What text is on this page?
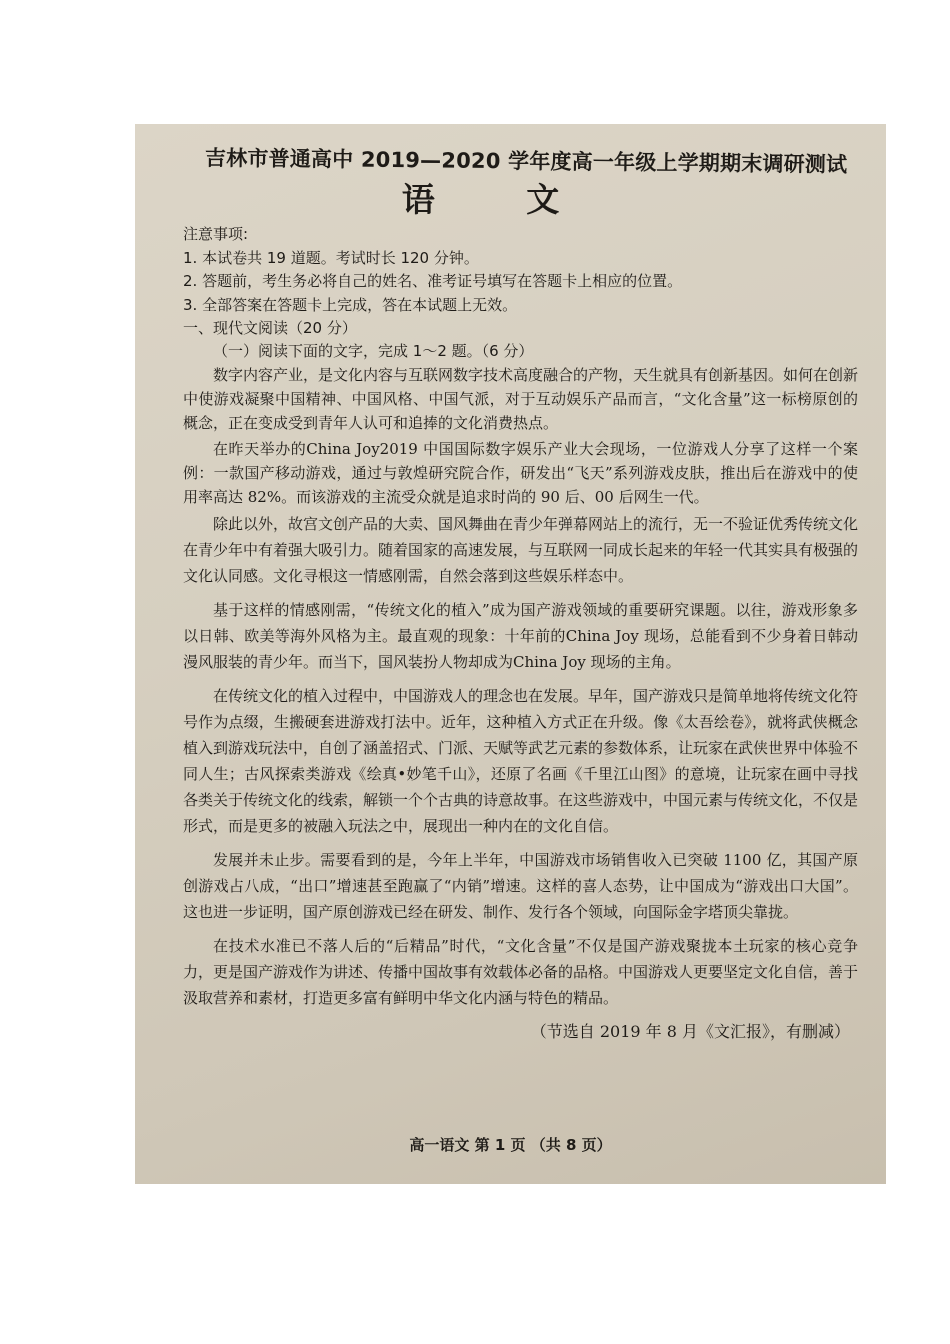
吉林市普通高中 2019—2020 学年度高一年级上学期期末调研测试
语 文
注意事项:
1. 本试卷共 19 道题。考试时长 120 分钟。
2. 答题前，考生务必将自己的姓名、准考证号填写在答题卡上相应的位置。
3. 全部答案在答题卡上完成，答在本试题上无效。
一、现代文阅读（20 分）
（一）阅读下面的文字，完成 1～2 题。（6 分）

数字内容产业，是文化内容与互联网数字技术高度融合的产物，天生就具有创新基因。如何在创新中使游戏凝聚中国精神、中国风格、中国气派，对于互动娱乐产品而言，“文化含量”这一标榜原创的概念，正在变成受到青年人认可和追捧的文化消费热点。

在昨天举办的China Joy2019 中国国际数字娱乐产业大会现场，一位游戏人分享了这样一个案例：一款国产移动游戏，通过与敦煌研究院合作，研发出“飞天”系列游戏皮肤，推出后在游戏中的使用率高达 82%。而该游戏的主流受众就是追求时尚的 90 后、00 后网生一代。

除此以外，故宫文创产品的大卖、国风舞曲在青少年弹幕网站上的流行，无一不验证优秀传统文化在青少年中有着强大吸引力。随着国家的高速发展，与互联网一同成长起来的年轻一代其实具有极强的文化认同感。文化寻根这一情感刚需，自然会落到这些娱乐样态中。

基于这样的情感刚需，“传统文化的植入”成为国产游戏领域的重要研究课题。以往，游戏形象多以日韩、欧美等海外风格为主。最直观的现象：十年前的China Joy 现场，总能看到不少身着日韩动漫风服装的青少年。而当下，国风装扮人物却成为China Joy 现场的主角。

在传统文化的植入过程中，中国游戏人的理念也在发展。早年，国产游戏只是简单地将传统文化符号作为点缀，生搬硬套进游戏打法中。近年，这种植入方式正在升级。像《太吾绘卷》，就将武侠概念植入到游戏玩法中，自创了涵盖招式、门派、天赋等武艺元素的参数体系，让玩家在武侠世界中体验不同人生；古风探索类游戏《绘真•妙笔千山》，还原了名画《千里江山图》的意境，让玩家在画中寻找各类关于传统文化的线索，解锁一个个古典的诗意故事。在这些游戏中，中国元素与传统文化，不仅是形式，而是更多的被融入玩法之中，展现出一种内在的文化自信。

发展并未止步。需要看到的是，今年上半年，中国游戏市场销售收入已突破 1100 亿，其国产原创游戏占八成，“出口”增速甚至跑赢了“内销”增速。这样的喜人态势，让中国成为“游戏出口大国”。这也进一步证明，国产原创游戏已经在研发、制作、发行各个领域，向国际金字塔顶尖靠拢。

在技术水准已不落人后的“后精品”时代，“文化含量”不仅是国产游戏聚拢本土玩家的核心竞争力，更是国产游戏作为讲述、传播中国故事有效载体必备的品格。中国游戏人更要坚定文化自信，善于汲取营养和素材，打造更多富有鲜明中华文化内涵与特色的精品。

（节选自 2019 年 8 月《文汇报》，有删减）
高一语文 第 1 页 （共 8 页）
